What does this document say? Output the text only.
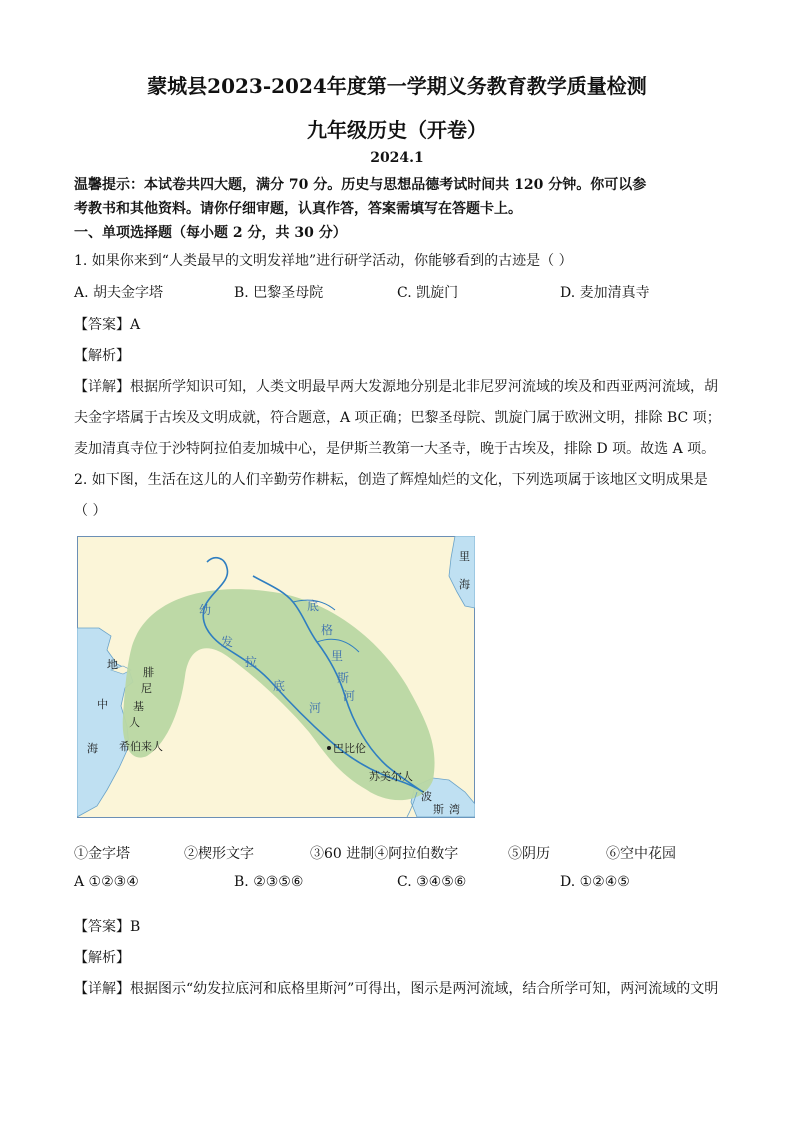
蒙城县2023-2024年度第一学期义务教育教学质量检测
九年级历史（开卷）
2024.1
温馨提示：本试卷共四大题，满分 70 分。历史与思想品德考试时间共 120 分钟。你可以参
考教书和其他资料。请你仔细审题，认真作答，答案需填写在答题卡上。
一、单项选择题（每小题 2 分，共 30 分）
1. 如果你来到“人类最早的文明发祥地”进行研学活动，你能够看到的古迹是（ ）
A. 胡夫金字塔	B. 巴黎圣母院	C. 凯旋门	D. 麦加清真寺
【答案】A
【解析】
【详解】根据所学知识可知，人类文明最早两大发源地分别是北非尼罗河流域的埃及和西亚两河流域，胡
夫金字塔属于古埃及文明成就，符合题意，A 项正确；巴黎圣母院、凯旋门属于欧洲文明，排除 BC 项；
麦加清真寺位于沙特阿拉伯麦加城中心，是伊斯兰教第一大圣寺，晚于古埃及，排除 D 项。故选 A 项。
2. 如下图，生活在这儿的人们辛勤劳作耕耘，创造了辉煌灿烂的文化，下列选项属于该地区文明成果是
（ ）
地
中
海
里
海
波
斯 湾
幼
发
拉
底
河
底
格
里
斯
河
腓
尼
基
人
希伯来人	巴比伦
苏美尔人
①金字塔	②楔形文字	③60 进制④阿拉伯数字	⑤阴历	⑥空中花园
A ①②③④	B. ②③⑤⑥	C. ③④⑤⑥	D. ①②④⑤
【答案】B
【解析】
【详解】根据图示“幼发拉底河和底格里斯河”可得出，图示是两河流域，结合所学可知，两河流域的文明
